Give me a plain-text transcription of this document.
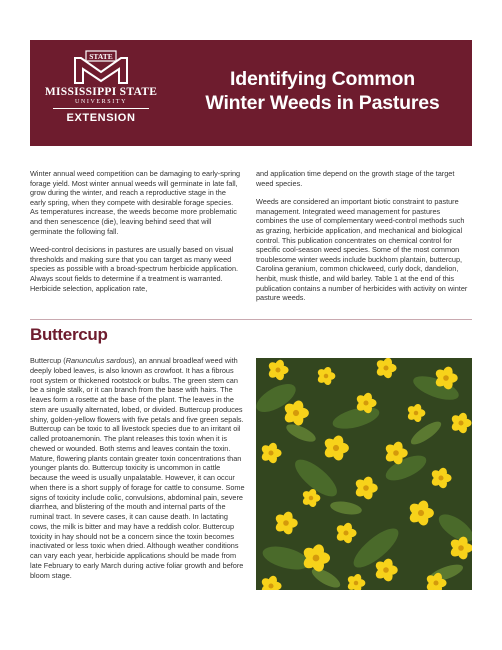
STATE
MISSISSIPPI STATE
UNIVERSITY
EXTENSION
Identifying Common
Winter Weeds in Pastures

Winter annual weed competition can be damaging to early-spring forage yield. Most winter annual weeds will germinate in late fall, grow during the winter, and reach a reproductive stage in the early spring, when they compete with desirable forage species. As temperatures increase, the weeds become more problematic and then senescence (die), leaving behind seed that will germinate the following fall.

Weed-control decisions in pastures are usually based on visual thresholds and making sure that you can target as many weed species as possible with a broad-spectrum herbicide application. Always scout fields to determine if a treatment is warranted. Herbicide selection, application rate,

and application time depend on the growth stage of the target weed species.

Weeds are considered an important biotic constraint to pasture management. Integrated weed management for pastures combines the use of complementary weed-control methods such as grazing, herbicide application, and mechanical and biological control. This publication concentrates on chemical control for specific cool-season weed species. Some of the most common troublesome winter weeds include buckhorn plantain, buttercup, Carolina geranium, common chickweed, curly dock, dandelion, henbit, musk thistle, and wild barley. Table 1 at the end of this publication contains a number of herbicides with activity on winter pasture weeds.

Buttercup

Buttercup (Ranunculus sardous), an annual broadleaf weed with deeply lobed leaves, is also known as crowfoot. It has a fibrous root system or thickened rootstock or bulbs. The green stem can be a single stalk, or it can branch from the base with hairs. The leaves form a rosette at the base of the plant. The leaves in the stem are usually alternated, lobed, or divided. Buttercup produces shiny, golden-yellow flowers with five petals and five green sepals. Buttercup can be toxic to all livestock species due to an irritant oil called protoanemonin. The plant releases this toxin when it is chewed or wounded. Both stems and leaves contain the toxin. Mature, flowering plants contain greater toxin concentrations than younger plants do. Buttercup toxicity is uncommon in cattle because the weed is usually unpalatable. However, it can occur when there is a short supply of forage for cattle to consume. Some signs of toxicity include colic, convulsions, abdominal pain, severe diarrhea, and blistering of the mouth and internal parts of the ruminal tract. In severe cases, it can cause death. In lactating cows, the milk is bitter and may have a reddish color. Buttercup toxicity in hay should not be a concern since the toxin becomes inactivated or less toxic when dried. Although weather conditions can vary each year, herbicide applications should be made from late February to early March during active foliar growth and before bloom stage.
